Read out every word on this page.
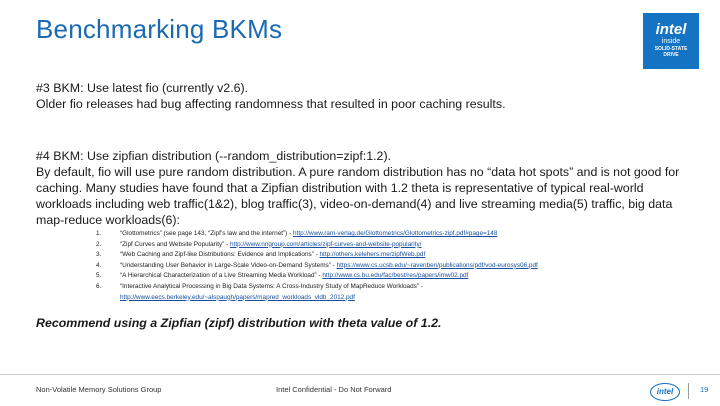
Benchmarking BKMs	intel
inside
SOLID-STATE
DRIVE
#3 BKM: Use latest fio (currently v2.6).
Older fio releases had bug affecting randomness that resulted in poor caching results.
#4 BKM: Use zipfian distribution (--random_distribution=zipf:1.2).
By default, fio will use pure random distribution. A pure random distribution has no “data hot spots” and is not good for caching. Many studies have found that a Zipfian distribution with 1.2 theta is representative of typical real-world workloads including web traffic(1&2), blog traffic(3), video-on-demand(4) and live streaming media(5) traffic, big data map-reduce workloads(6):
1.	“Glottometrics” (see page 143, “Zipf’s law and the internet”) - http://www.ram-verlag.de/Glottometrics/Glottometrics-zipf.pdf#page=148
2.	“Zipf Curves and Website Popularity” - http://www.nngroup.com/articles/zipf-curves-and-website-popularity/
3.	“Web Caching and Zipf-like Distributions: Evidence and Implications” - http://others.kelehers.me/zipfWeb.pdf
4.	“Understanding User Behavior in Large-Scale Video-on-Demand Systems” - https://www.cs.ucsb.edu/~ravenben/publications/pdf/vod-eurosys06.pdf
5.	“A Hierarchical Characterization of a Live Streaming Media Workload” - http://www.cs.bu.edu/fac/best/res/papers/imw02.pdf
6.	“Interactive Analytical Processing in Big Data Systems: A Cross-Industry Study of MapReduce Workloads” -
http://www.eecs.berkeley.edu/~alspaugh/papers/mapred_workloads_vldb_2012.pdf
Recommend using a Zipfian (zipf) distribution with theta value of 1.2.
Non-Volatile Memory Solutions Group	Intel Confidential - Do Not Forward	intel	19
